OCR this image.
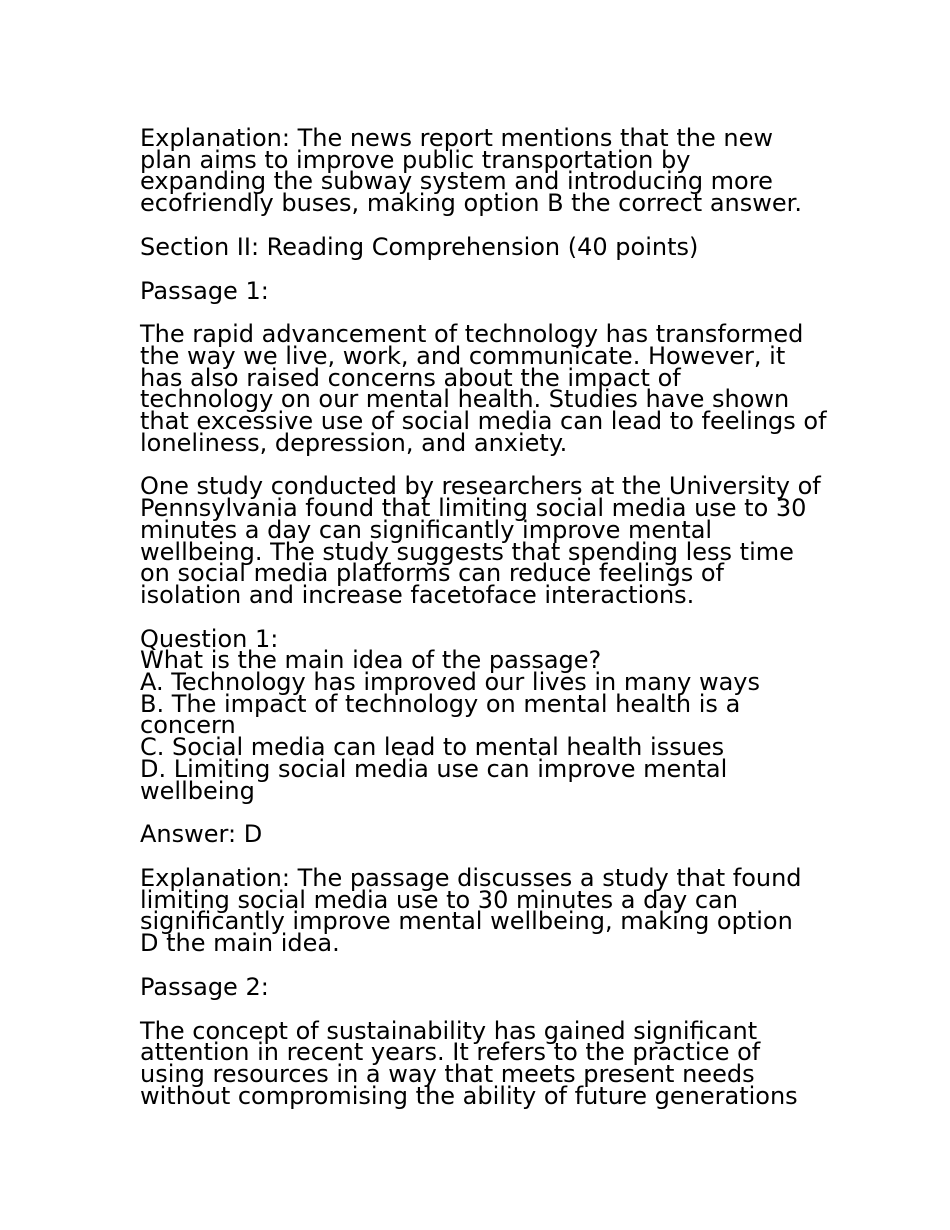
Explanation: The news report mentions that the new
plan aims to improve public transportation by
expanding the subway system and introducing more
ecofriendly buses, making option B the correct answer.
Section II: Reading Comprehension (40 points)
Passage 1:
The rapid advancement of technology has transformed
the way we live, work, and communicate. However, it
has also raised concerns about the impact of
technology on our mental health. Studies have shown
that excessive use of social media can lead to feelings of
loneliness, depression, and anxiety.
One study conducted by researchers at the University of
Pennsylvania found that limiting social media use to 30
minutes a day can significantly improve mental
wellbeing. The study suggests that spending less time
on social media platforms can reduce feelings of
isolation and increase facetoface interactions.
Question 1:
What is the main idea of the passage?
A. Technology has improved our lives in many ways
B. The impact of technology on mental health is a
concern
C. Social media can lead to mental health issues
D. Limiting social media use can improve mental
wellbeing
Answer: D
Explanation: The passage discusses a study that found
limiting social media use to 30 minutes a day can
significantly improve mental wellbeing, making option
D the main idea.
Passage 2:
The concept of sustainability has gained significant
attention in recent years. It refers to the practice of
using resources in a way that meets present needs
without compromising the ability of future generations
